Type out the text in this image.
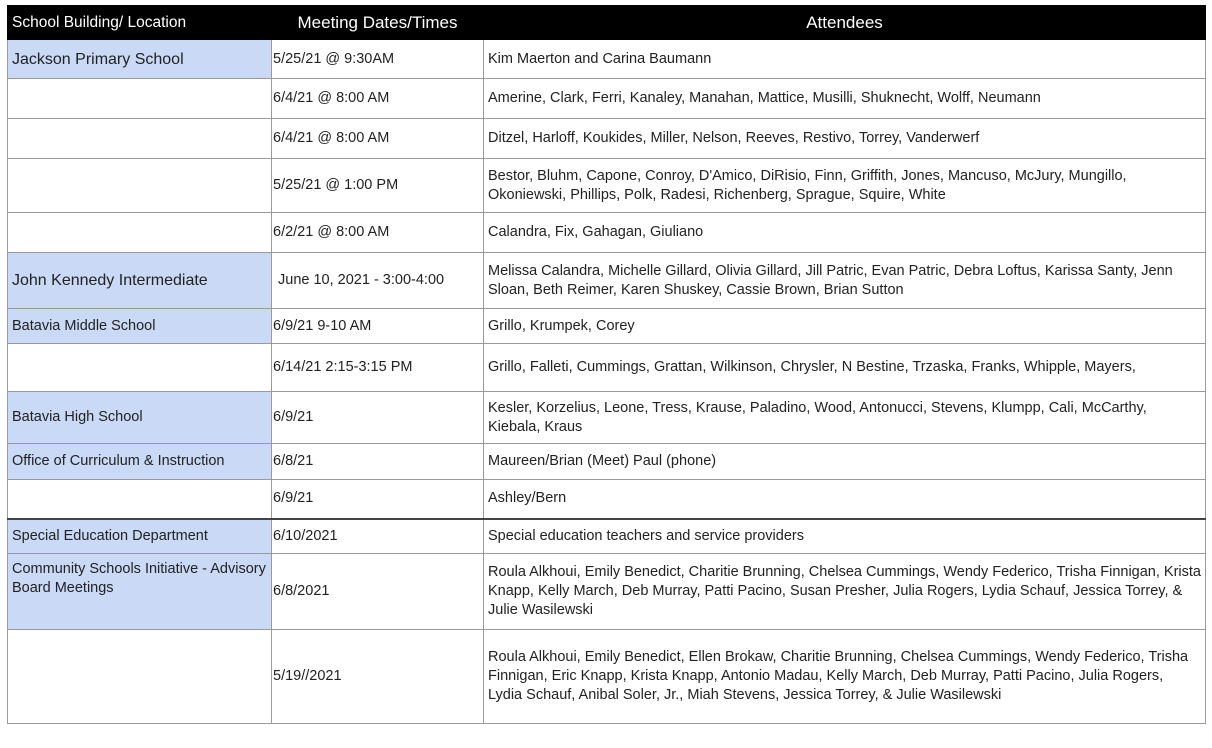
School Building/ Location	Meeting Dates/Times	Attendees
Jackson Primary School	5/25/21 @ 9:30AM	Kim Maerton and Carina Baumann
	6/4/21 @ 8:00 AM	Amerine, Clark, Ferri, Kanaley, Manahan, Mattice, Musilli, Shuknecht, Wolff, Neumann
	6/4/21 @ 8:00 AM	Ditzel, Harloff, Koukides, Miller, Nelson, Reeves, Restivo, Torrey, Vanderwerf
	5/25/21 @ 1:00 PM	Bestor, Bluhm, Capone, Conroy, D'Amico, DiRisio, Finn, Griffith, Jones, Mancuso, McJury, Mungillo, Okoniewski, Phillips, Polk, Radesi, Richenberg, Sprague, Squire, White
	6/2/21 @ 8:00 AM	Calandra, Fix, Gahagan, Giuliano
John Kennedy Intermediate	June 10, 2021 - 3:00-4:00	Melissa Calandra, Michelle Gillard, Olivia Gillard, Jill Patric, Evan Patric, Debra Loftus, Karissa Santy, Jenn Sloan, Beth Reimer, Karen Shuskey, Cassie Brown, Brian Sutton
Batavia Middle School	6/9/21 9-10 AM	Grillo, Krumpek, Corey
	6/14/21 2:15-3:15 PM	Grillo, Falleti, Cummings, Grattan, Wilkinson, Chrysler, N Bestine, Trzaska, Franks, Whipple, Mayers,
Batavia High School	6/9/21	Kesler, Korzelius, Leone, Tress, Krause, Paladino, Wood, Antonucci, Stevens, Klumpp, Cali, McCarthy, Kiebala, Kraus
Office of Curriculum & Instruction	6/8/21	Maureen/Brian (Meet) Paul (phone)
	6/9/21	Ashley/Bern
Special Education Department	6/10/2021	Special education teachers and service providers
Community Schools Initiative - Advisory Board Meetings	6/8/2021	Roula Alkhoui, Emily Benedict, Charitie Brunning, Chelsea Cummings, Wendy Federico, Trisha Finnigan, Krista Knapp, Kelly March, Deb Murray, Patti Pacino, Susan Presher, Julia Rogers, Lydia Schauf, Jessica Torrey, & Julie Wasilewski
	5/19//2021	Roula Alkhoui, Emily Benedict, Ellen Brokaw, Charitie Brunning, Chelsea Cummings, Wendy Federico, Trisha Finnigan, Eric Knapp, Krista Knapp, Antonio Madau, Kelly March, Deb Murray, Patti Pacino, Julia Rogers, Lydia Schauf, Anibal Soler, Jr., Miah Stevens, Jessica Torrey, & Julie Wasilewski
